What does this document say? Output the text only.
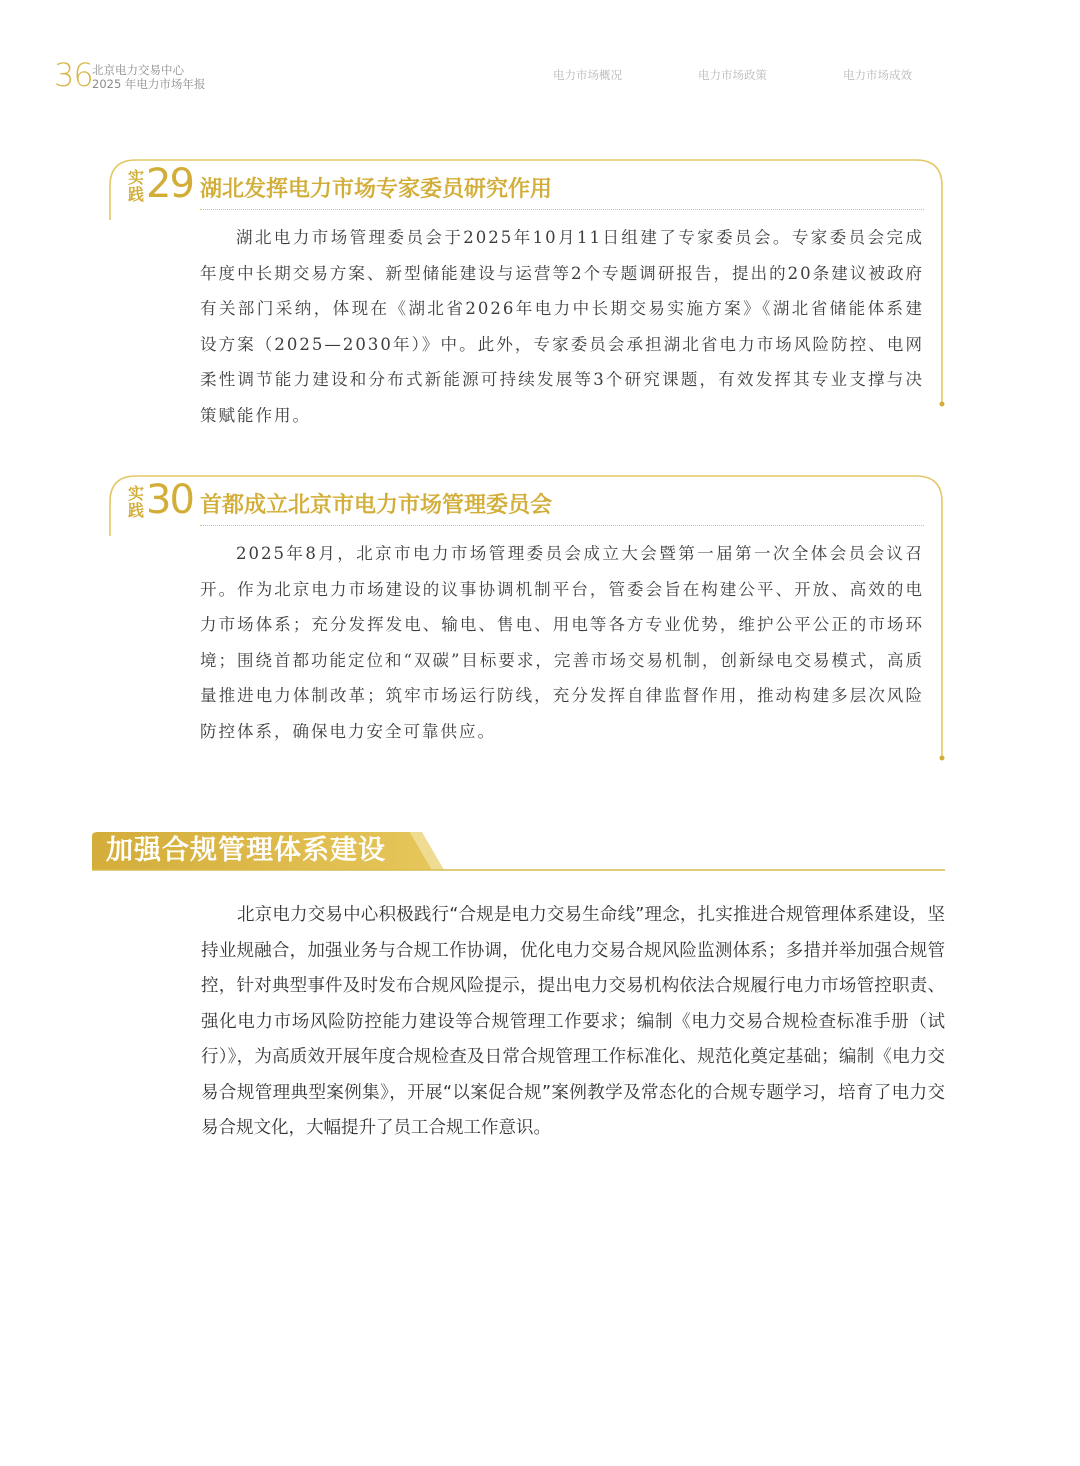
36 北京电力交易中心
2025 年电力市场年报
电力市场概况	电力市场政策	电力市场成效
实践 29 湖北发挥电力市场专家委员研究作用

湖北电力市场管理委员会于2025年10月11日组建了专家委员会。专家委员会完成年度中长期交易方案、新型储能建设与运营等2个专题调研报告，提出的20条建议被政府有关部门采纳，体现在《湖北省2026年电力中长期交易实施方案》《湖北省储能体系建设方案（2025—2030年）》中。此外，专家委员会承担湖北省电力市场风险防控、电网柔性调节能力建设和分布式新能源可持续发展等3个研究课题，有效发挥其专业支撑与决策赋能作用。

实践 30 首都成立北京市电力市场管理委员会

2025年8月，北京市电力市场管理委员会成立大会暨第一届第一次全体会员会议召开。作为北京电力市场建设的议事协调机制平台，管委会旨在构建公平、开放、高效的电力市场体系；充分发挥发电、输电、售电、用电等各方专业优势，维护公平公正的市场环境；围绕首都功能定位和“双碳”目标要求，完善市场交易机制，创新绿电交易模式，高质量推进电力体制改革；筑牢市场运行防线，充分发挥自律监督作用，推动构建多层次风险防控体系，确保电力安全可靠供应。

加强合规管理体系建设

北京电力交易中心积极践行“合规是电力交易生命线”理念，扎实推进合规管理体系建设，坚持业规融合，加强业务与合规工作协调，优化电力交易合规风险监测体系；多措并举加强合规管控，针对典型事件及时发布合规风险提示，提出电力交易机构依法合规履行电力市场管控职责、强化电力市场风险防控能力建设等合规管理工作要求；编制《电力交易合规检查标准手册（试行）》，为高质效开展年度合规检查及日常合规管理工作标准化、规范化奠定基础；编制《电力交易合规管理典型案例集》，开展“以案促合规”案例教学及常态化的合规专题学习，培育了电力交易合规文化，大幅提升了员工合规工作意识。
